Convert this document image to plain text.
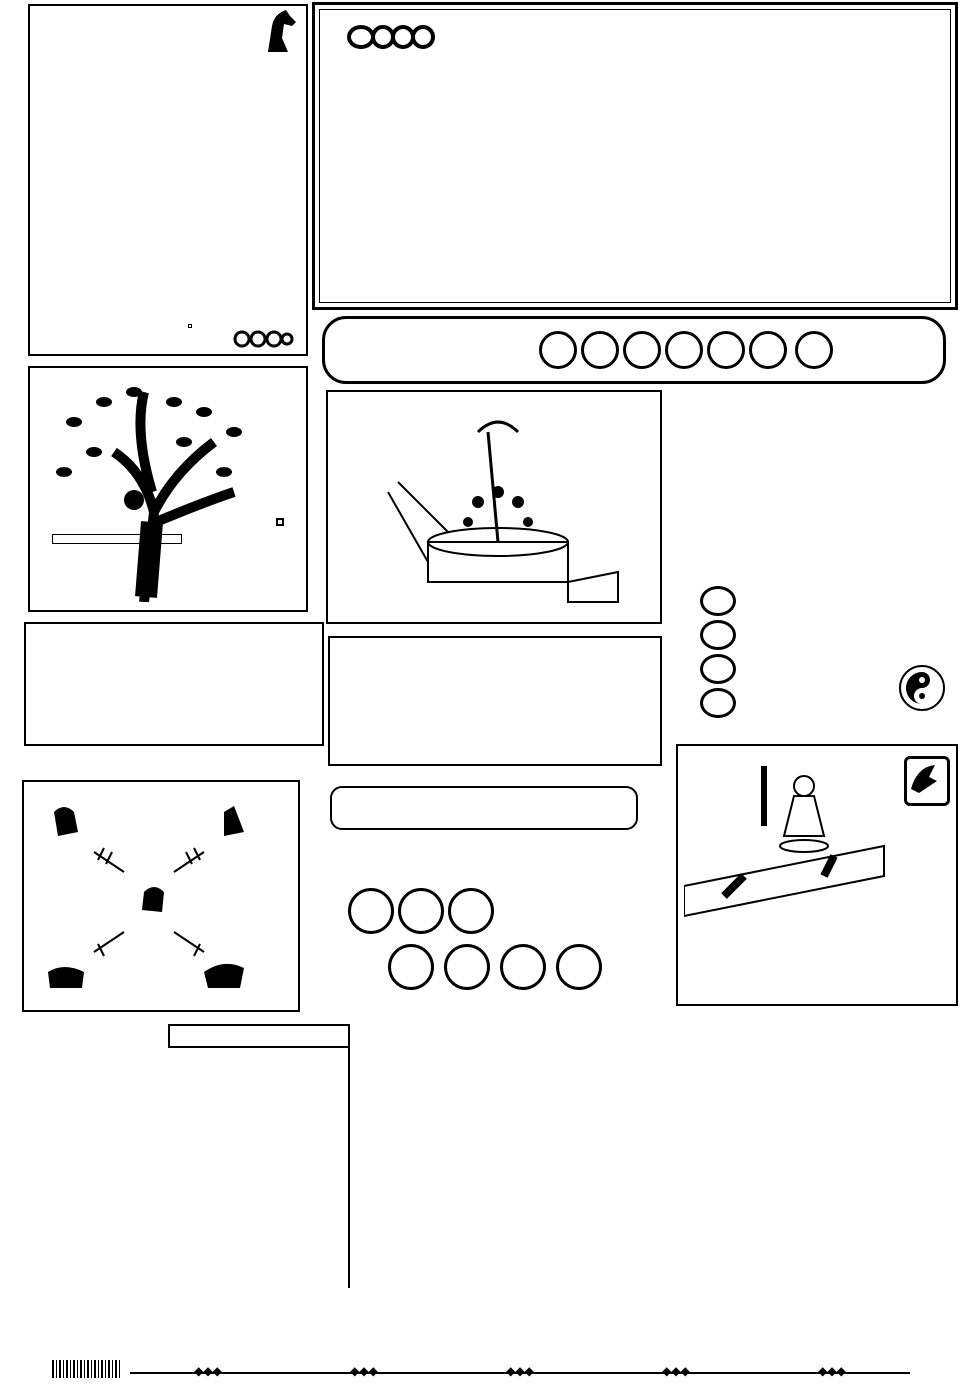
◆◆◆	◆◆◆	◆◆◆	◆◆◆	◆◆◆
